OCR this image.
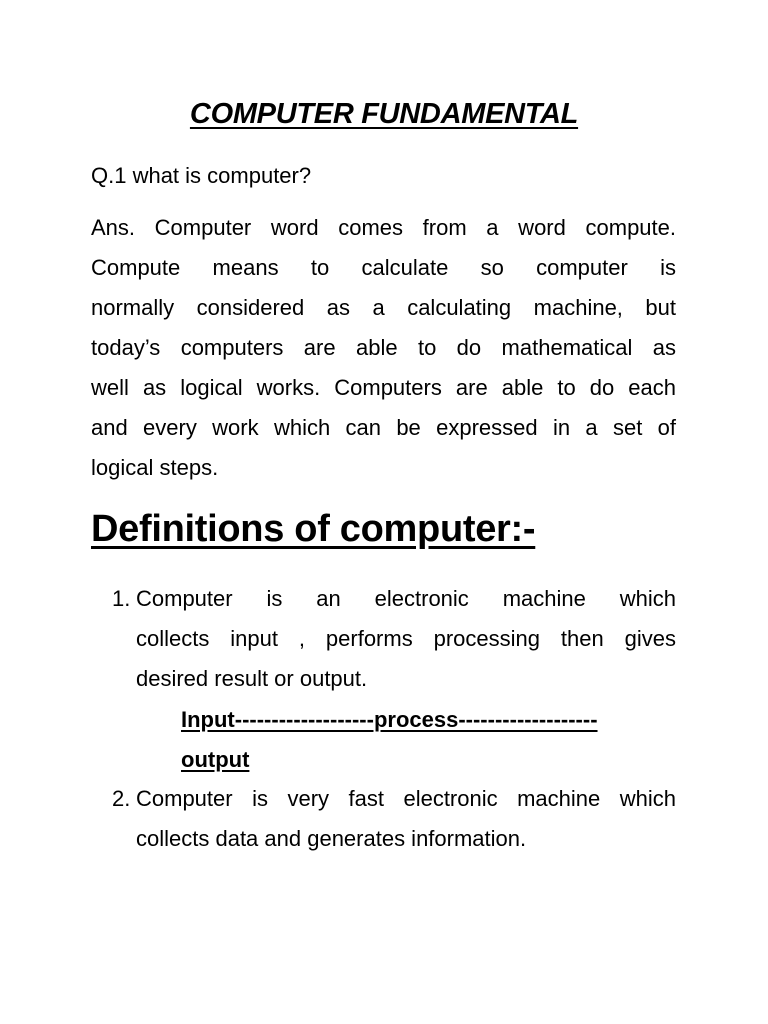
COMPUTER FUNDAMENTAL
Q.1 what is computer?
Ans. Computer word comes from a word compute.
Compute means to calculate so computer is
normally considered as a calculating machine, but
today’s computers are able to do mathematical as
well as logical works. Computers are able to do each
and every work which can be expressed in a set of
logical steps.
Definitions of computer:-
1. Computer is an electronic machine which
collects input , performs processing then gives
desired result or output.
Input-------------------process-------------------
output
2. Computer is very fast electronic machine which
collects data and generates information.
